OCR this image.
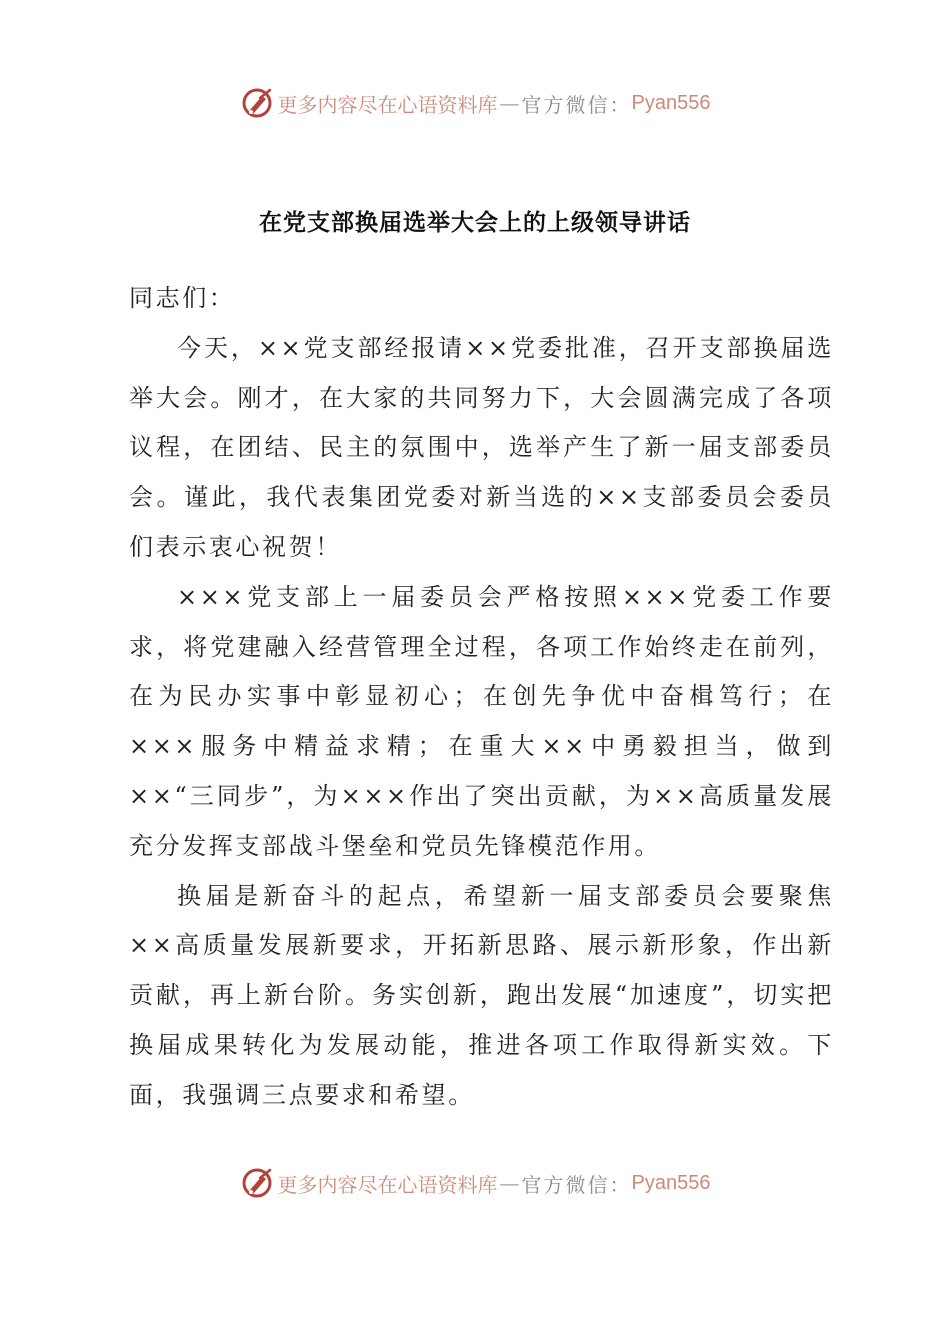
更多内容尽在心语资料库 — 官方微信： Pyan556
在党支部换届选举大会上的上级领导讲话

同志们：

今天，××党支部经报请××党委批准，召开支部换届选举大会。刚才，在大家的共同努力下，大会圆满完成了各项议程，在团结、民主的氛围中，选举产生了新一届支部委员会。谨此，我代表集团党委对新当选的××支部委员会委员们表示衷心祝贺！

×××党支部上一届委员会严格按照×××党委工作要求，将党建融入经营管理全过程，各项工作始终走在前列，在为民办实事中彰显初心；在创先争优中奋楫笃行；在×××服务中精益求精；在重大××中勇毅担当，做到××“三同步”，为×××作出了突出贡献，为××高质量发展充分发挥支部战斗堡垒和党员先锋模范作用。

换届是新奋斗的起点，希望新一届支部委员会要聚焦××高质量发展新要求，开拓新思路、展示新形象，作出新贡献，再上新台阶。务实创新，跑出发展“加速度”，切实把换届成果转化为发展动能，推进各项工作取得新实效。下面，我强调三点要求和希望。

更多内容尽在心语资料库 — 官方微信： Pyan556
